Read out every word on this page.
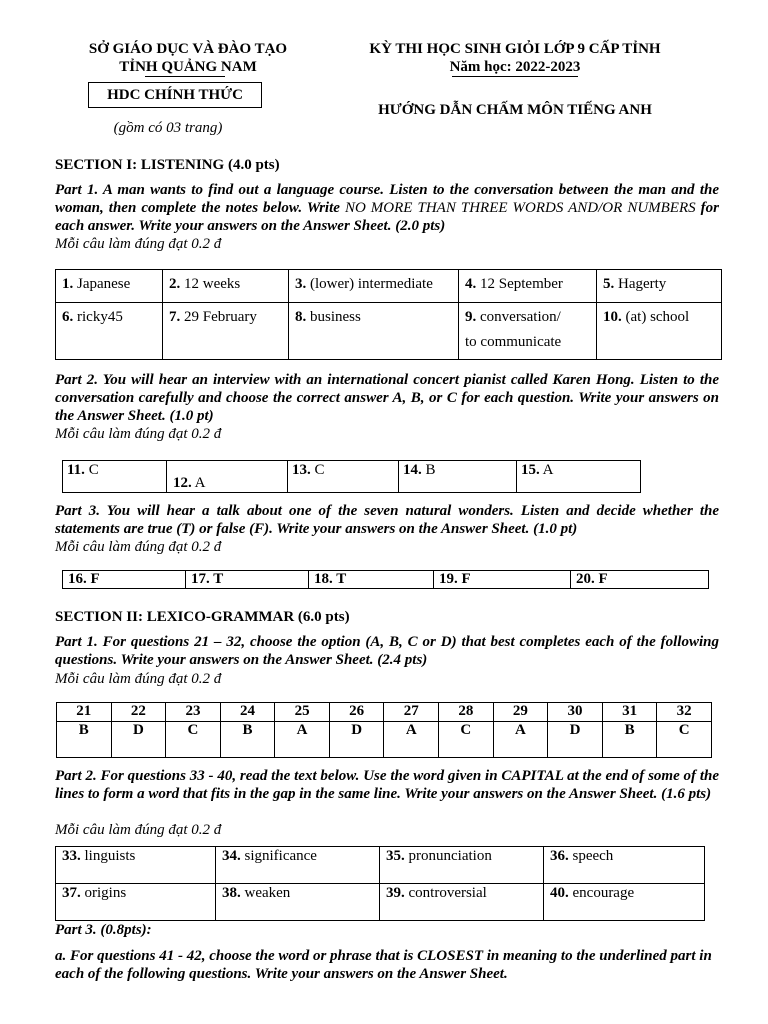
SỞ GIÁO DỤC VÀ ĐÀO TẠO
TỈNH QUẢNG NAM
HDC CHÍNH THỨC
(gồm có 03 trang)
KỲ THI HỌC SINH GIỎI LỚP 9 CẤP TỈNH
Năm học: 2022-2023
HƯỚNG DẪN CHẤM MÔN TIẾNG ANH
SECTION I: LISTENING (4.0 pts)
Part 1. A man wants to find out a language course. Listen to the conversation between the man and the woman, then complete the notes below. Write NO MORE THAN THREE WORDS AND/OR NUMBERS for each answer. Write your answers on the Answer Sheet. (2.0 pts)
Mỗi câu làm đúng đạt 0.2 đ
1. Japanese	2. 12 weeks	3. (lower) intermediate	4. 12 September	5. Hagerty

6. ricky45	7. 29 February	8. business	9. conversation/
to communicate	10. (at) school
Part 2. You will hear an interview with an international concert pianist called Karen Hong. Listen to the conversation carefully and choose the correct answer A, B, or C for each question. Write your answers on the Answer Sheet. (1.0 pt)
Mỗi câu làm đúng đạt 0.2 đ
11. C

12. A

13. C	14. B	15. A
Part 3. You will hear a talk about one of the seven natural wonders. Listen and decide whether the statements are true (T) or false (F). Write your answers on the Answer Sheet. (1.0 pt)
Mỗi câu làm đúng đạt 0.2 đ
16. F	17. T	18. T	19. F	20. F
SECTION II: LEXICO-GRAMMAR (6.0 pts)
Part 1. For questions 21 – 32, choose the option (A, B, C or D) that best completes each of the following questions. Write your answers on the Answer Sheet. (2.4 pts)
Mỗi câu làm đúng đạt 0.2 đ
21	22	23	24	25	26	27	28	29	30	31	32
B	D	C	B	A	D	A	C	A	D	B	C
Part 2. For questions 33 - 40, read the text below. Use the word given in CAPITAL at the end of some of the lines to form a word that fits in the gap in the same line. Write your answers on the Answer Sheet. (1.6 pts)
Mỗi câu làm đúng đạt 0.2 đ
33. linguists	34. significance	35. pronunciation	36. speech

37. origins	38. weaken	39. controversial	40. encourage
Part 3. (0.8pts):
a. For questions 41 - 42, choose the word or phrase that is CLOSEST in meaning to the underlined part in each of the following questions. Write your answers on the Answer Sheet.
